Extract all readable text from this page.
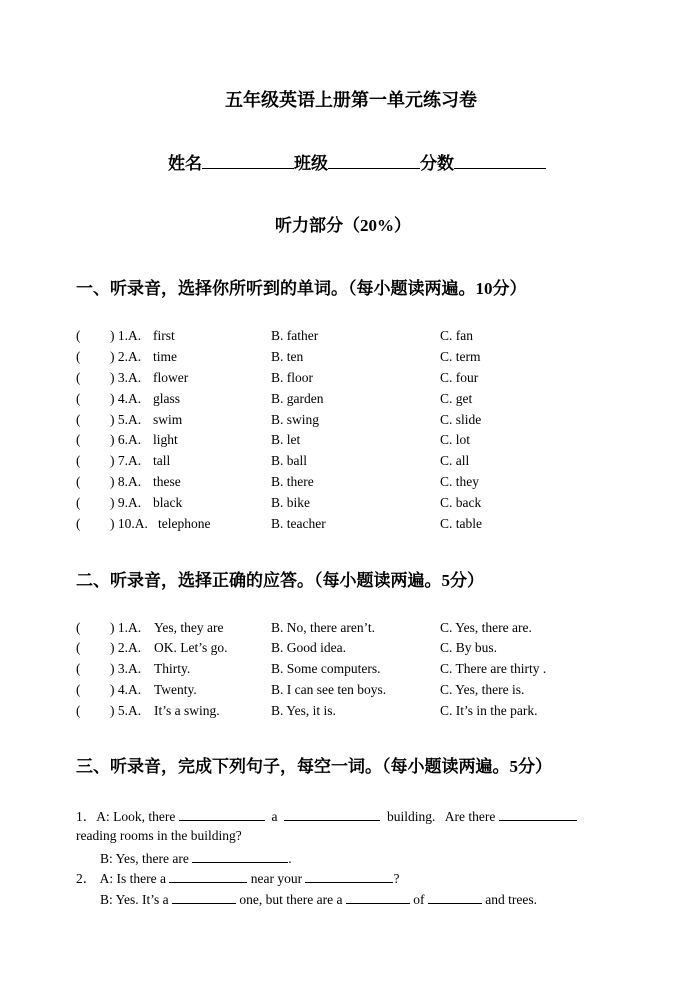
五年级英语上册第一单元练习卷
姓名	班级	分数
听力部分（20%）
一、听录音，选择你所听到的单词。（每小题读两遍。10分）
( ) 1.A. first	B. father	C. fan
( ) 2.A. time	B. ten	C. term
( ) 3.A. flower	B. floor	C. four
( ) 4.A. glass	B. garden	C. get
( ) 5.A. swim	B. swing	C. slide
( ) 6.A. light	B. let	C. lot
( ) 7.A. tall	B. ball	C. all
( ) 8.A. these	B. there	C. they
( ) 9.A. black	B. bike	C. back
( ) 10.A. telephone	B. teacher	C. table
二、听录音，选择正确的应答。（每小题读两遍。5分）
( ) 1.A. Yes, they are	B. No, there aren’t.	C. Yes, there are.
( ) 2.A. OK. Let’s go.	B. Good idea.	C. By bus.
( ) 3.A. Thirty.	B. Some computers.	C. There are thirty .
( ) 4.A. Twenty.	B. I can see ten boys.	C. Yes, there is.
( ) 5.A. It’s a swing.	B. Yes, it is.	C. It’s in the park.
三、听录音，完成下列句子，每空一词。（每小题读两遍。5分）
1．A: Look, there	a	building. Are there
reading rooms in the building?
B: Yes, there are	.
2． A: Is there a	near your	?
B: Yes. It’s a	one, but there are a	of	and trees.
